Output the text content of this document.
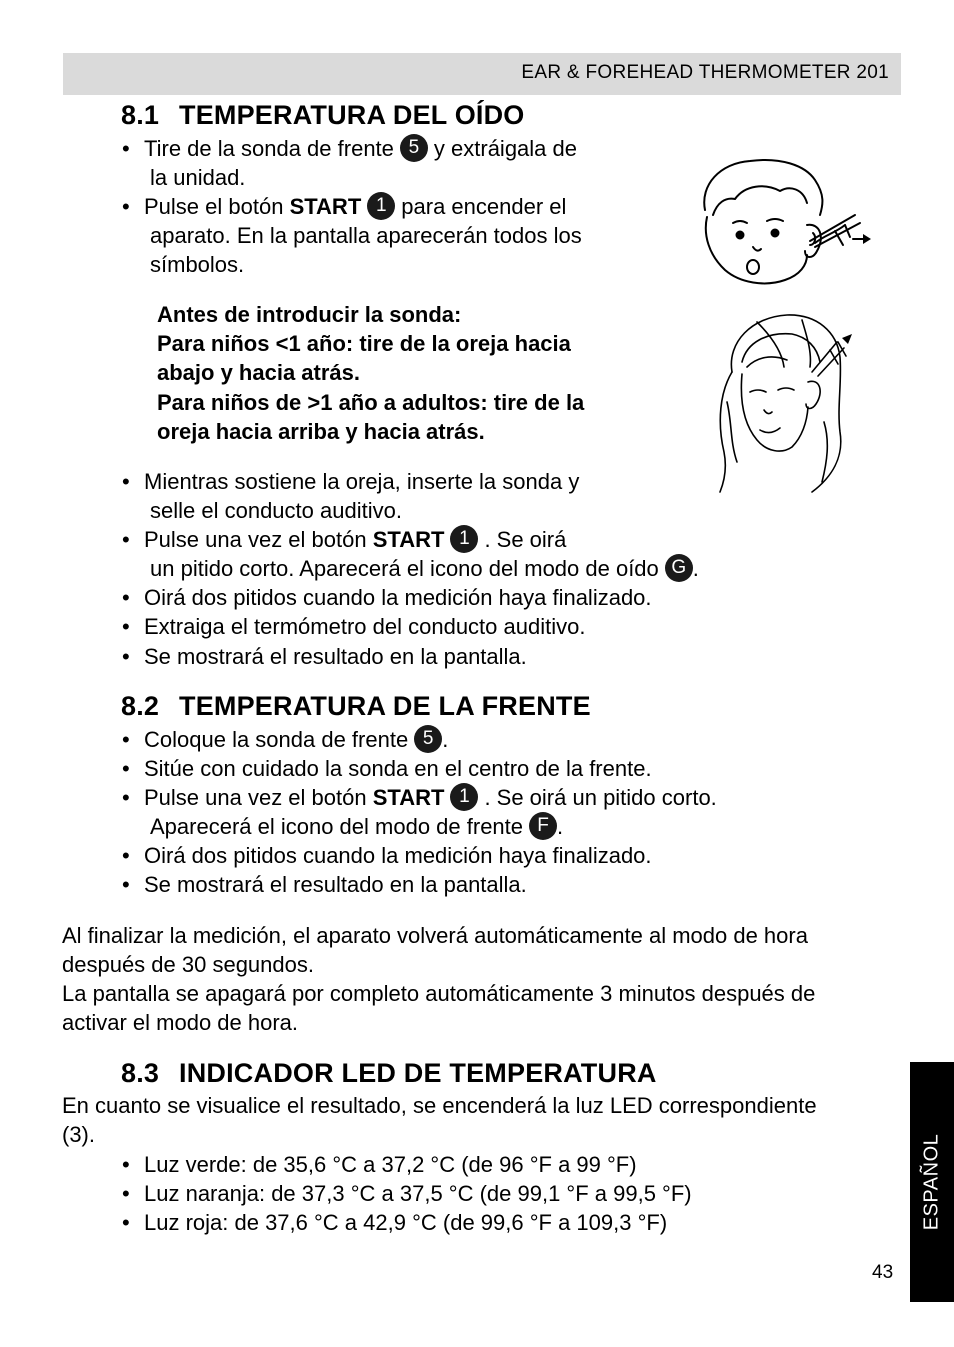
EAR & FOREHEAD THERMOMETER 201
8.1 TEMPERATURA DEL OÍDO
• Tire de la sonda de frente 5 y extráigala de
la unidad.
• Pulse el botón START 1 para encender el
aparato. En la pantalla aparecerán todos los
símbolos.
Antes de introducir la sonda:
Para niños <1 año: tire de la oreja hacia
abajo y hacia atrás.
Para niños de >1 año a adultos: tire de la
oreja hacia arriba y hacia atrás.
• Mientras sostiene la oreja, inserte la sonda y
selle el conducto auditivo.
• Pulse una vez el botón START 1 . Se oirá
un pitido corto. Aparecerá el icono del modo de oído G .
• Oirá dos pitidos cuando la medición haya finalizado.
• Extraiga el termómetro del conducto auditivo.
• Se mostrará el resultado en la pantalla.
8.2 TEMPERATURA DE LA FRENTE
• Coloque la sonda de frente 5 .
• Sitúe con cuidado la sonda en el centro de la frente.
• Pulse una vez el botón START 1 . Se oirá un pitido corto.
Aparecerá el icono del modo de frente F .
• Oirá dos pitidos cuando la medición haya finalizado.
• Se mostrará el resultado en la pantalla.
Al finalizar la medición, el aparato volverá automáticamente al modo de hora
después de 30 segundos.
La pantalla se apagará por completo automáticamente 3 minutos después de
activar el modo de hora.
8.3 INDICADOR LED DE TEMPERATURA
En cuanto se visualice el resultado, se encenderá la luz LED correspondiente
(3).
• Luz verde: de 35,6 °C a 37,2 °C (de 96 °F a 99 °F)
• Luz naranja: de 37,3 °C a 37,5 °C (de 99,1 °F a 99,5 °F)
• Luz roja: de 37,6 °C a 42,9 °C (de 99,6 °F a 109,3 °F)	ESPAÑOL
43
